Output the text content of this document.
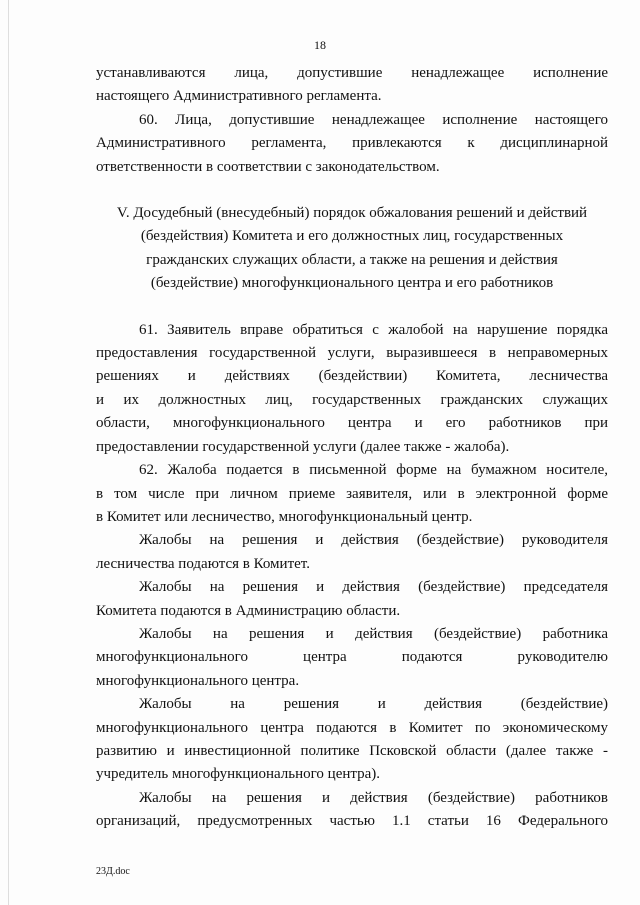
18

устанавливаются лица, допустившие ненадлежащее исполнение

настоящего Административного регламента.

60. Лица, допустившие ненадлежащее исполнение настоящего

Административного регламента, привлекаются к дисциплинарной

ответственности в соответствии с законодательством.

V. Досудебный (внесудебный) порядок обжалования решений и действий
(бездействия) Комитета и его должностных лиц, государственных
гражданских служащих области, а также на решения и действия
(бездействие) многофункционального центра и его работников

61. Заявитель вправе обратиться с жалобой на нарушение порядка

предоставления государственной услуги, выразившееся в неправомерных

решениях и действиях (бездействии) Комитета, лесничества

и их должностных лиц, государственных гражданских служащих

области, многофункционального центра и его работников при

предоставлении государственной услуги (далее также - жалоба).

62. Жалоба подается в письменной форме на бумажном носителе,

в том числе при личном приеме заявителя, или в электронной форме

в Комитет или лесничество, многофункциональный центр.

Жалобы на решения и действия (бездействие) руководителя

лесничества подаются в Комитет.

Жалобы на решения и действия (бездействие) председателя

Комитета подаются в Администрацию области.

Жалобы на решения и действия (бездействие) работника

многофункционального центра подаются руководителю

многофункционального центра.

Жалобы на решения и действия (бездействие)

многофункционального центра подаются в Комитет по экономическому

развитию и инвестиционной политике Псковской области (далее также -

учредитель многофункционального центра).

Жалобы на решения и действия (бездействие) работников

организаций, предусмотренных частью 1.1 статьи 16 Федерального

23Д.doc
